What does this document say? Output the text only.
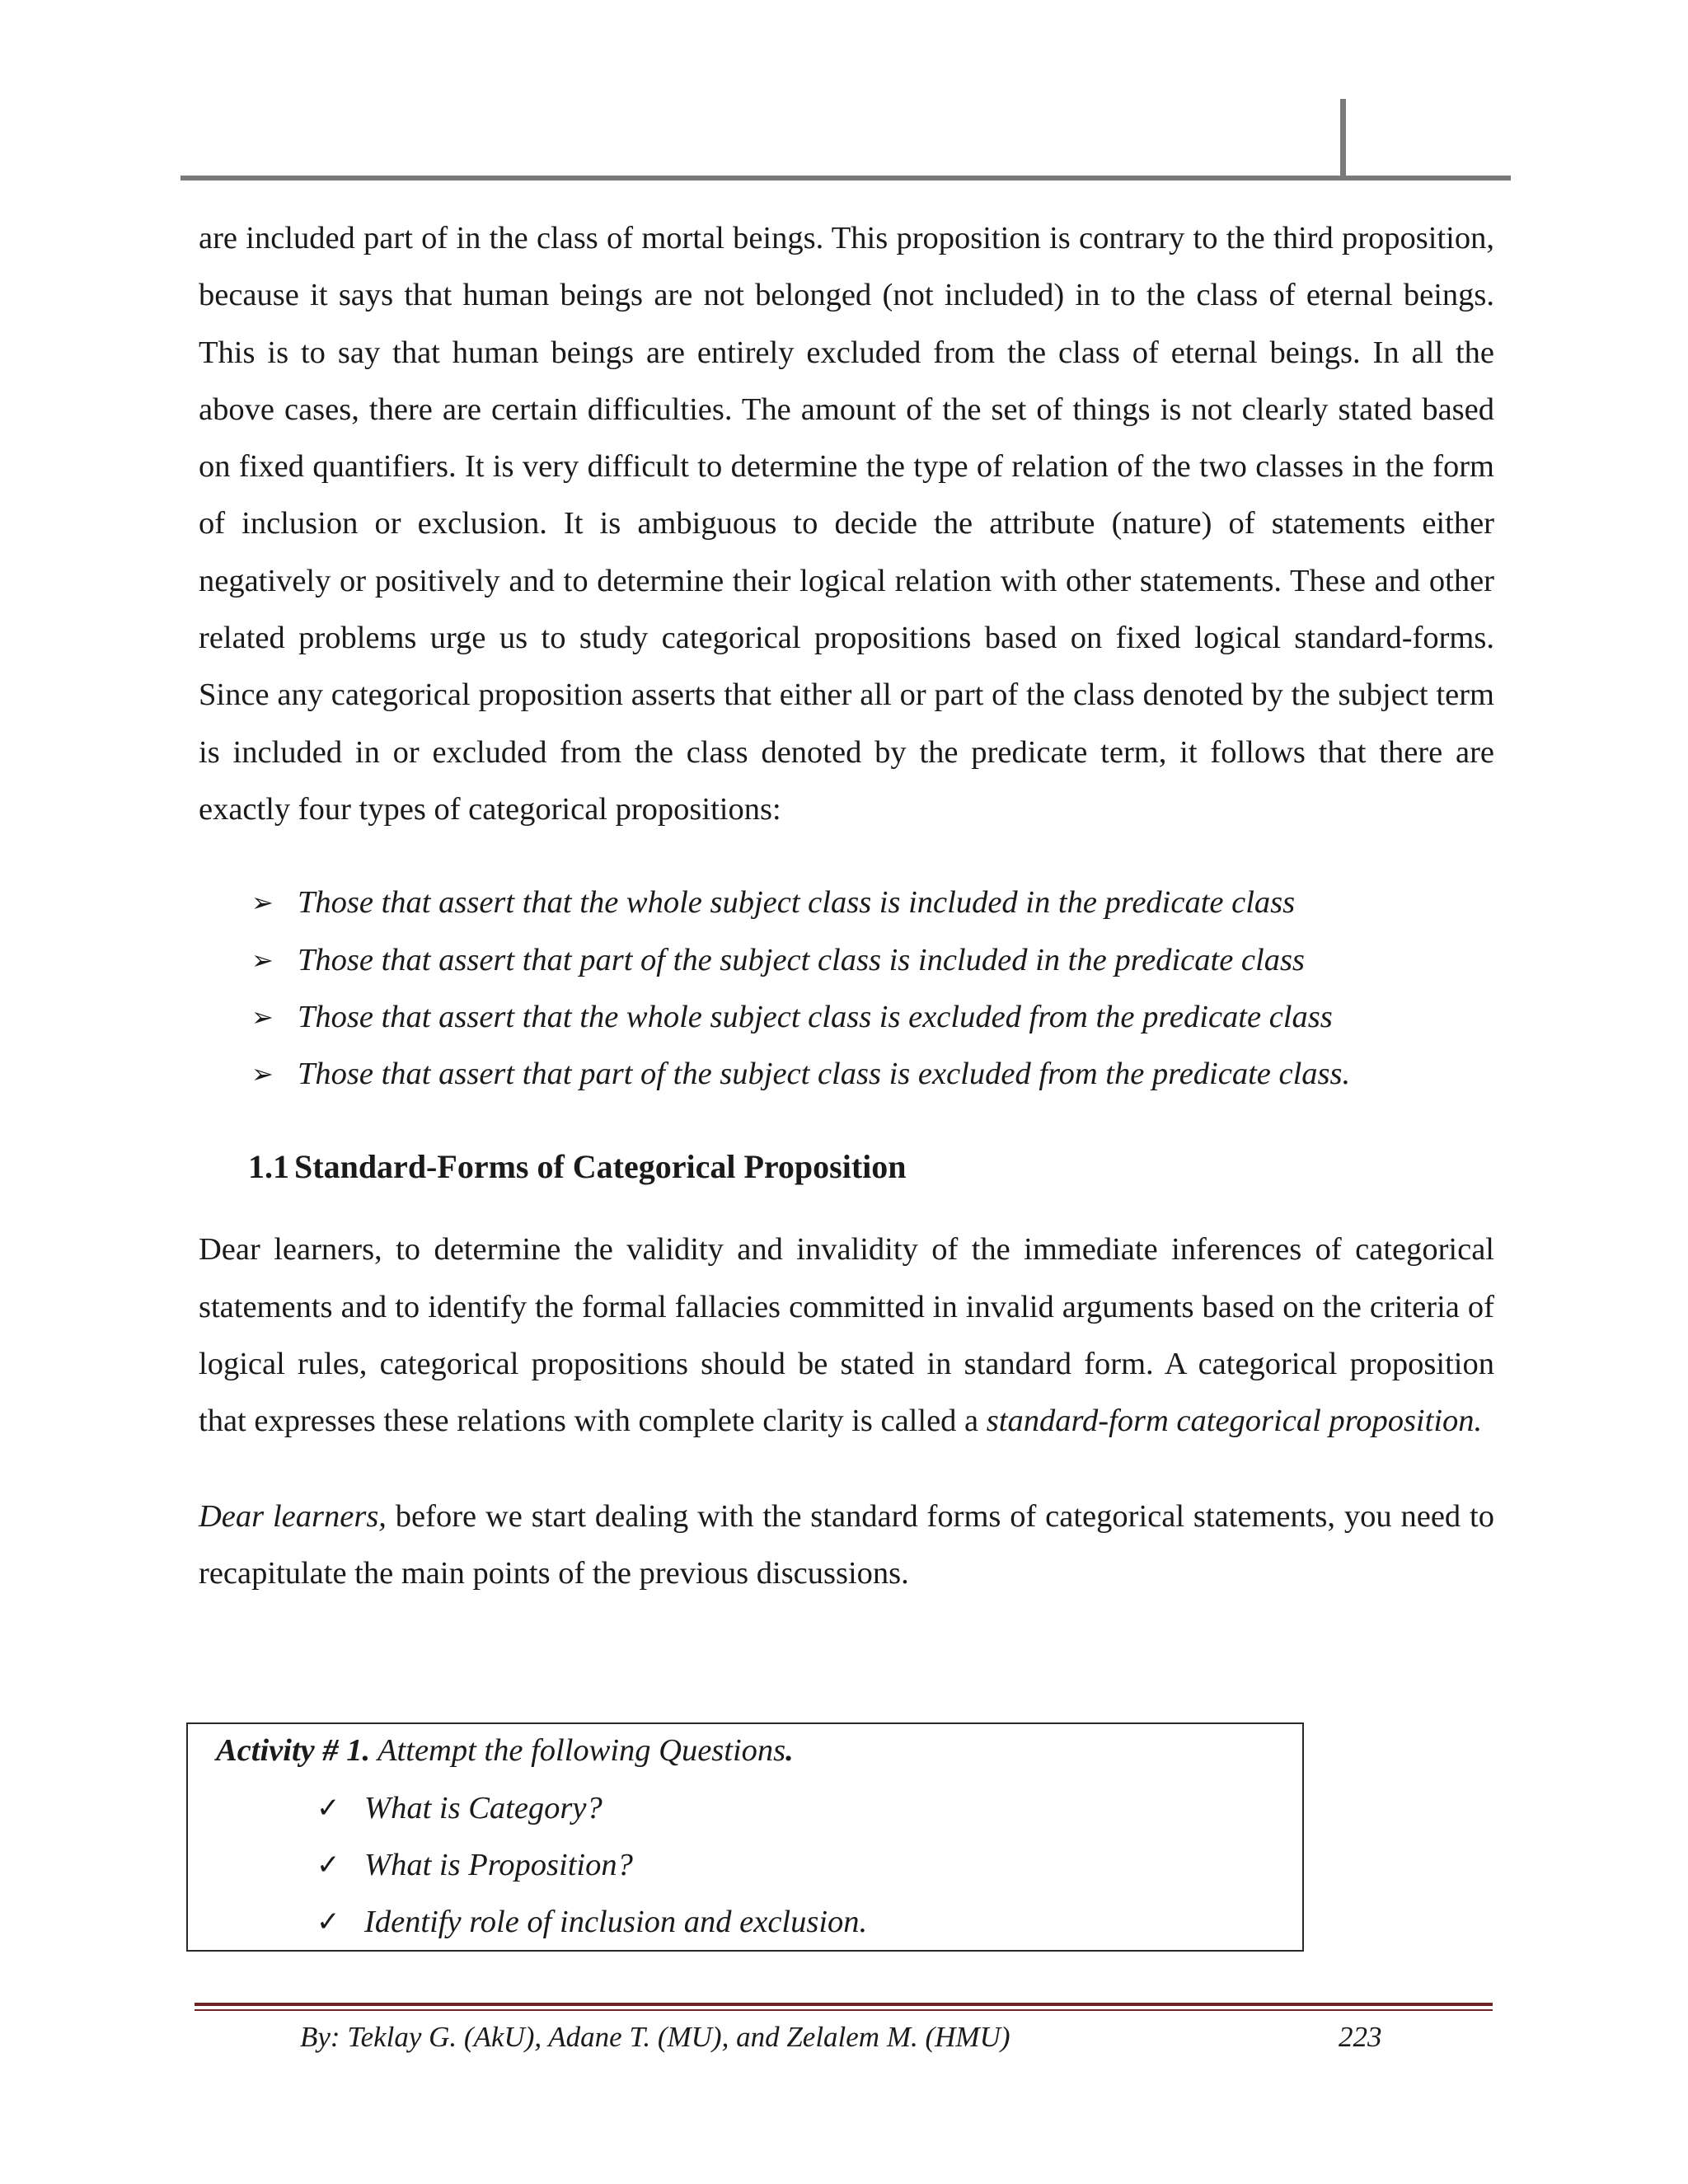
are included part of in the class of mortal beings. This proposition is contrary to the third proposition, because it says that human beings are not belonged (not included) in to the class of eternal beings. This is to say that human beings are entirely excluded from the class of eternal beings. In all the above cases, there are certain difficulties. The amount of the set of things is not clearly stated based on fixed quantifiers. It is very difficult to determine the type of relation of the two classes in the form of inclusion or exclusion. It is ambiguous to decide the attribute (nature) of statements either negatively or positively and to determine their logical relation with other statements. These and other related problems urge us to study categorical propositions based on fixed logical standard-forms. Since any categorical proposition asserts that either all or part of the class denoted by the subject term is included in or excluded from the class denoted by the predicate term, it follows that there are exactly four types of categorical propositions:

➢ Those that assert that the whole subject class is included in the predicate class
➢ Those that assert that part of the subject class is included in the predicate class
➢ Those that assert that the whole subject class is excluded from the predicate class
➢ Those that assert that part of the subject class is excluded from the predicate class.
1.1 Standard-Forms of Categorical Proposition

Dear learners, to determine the validity and invalidity of the immediate inferences of categorical statements and to identify the formal fallacies committed in invalid arguments based on the criteria of logical rules, categorical propositions should be stated in standard form. A categorical proposition that expresses these relations with complete clarity is called a standard-form categorical proposition.

Dear learners, before we start dealing with the standard forms of categorical statements, you need to recapitulate the main points of the previous discussions.

Activity # 1. Attempt the following Questions.
✓ What is Category?
✓ What is Proposition?
✓ Identify role of inclusion and exclusion.
By: Teklay G. (AkU), Adane T. (MU), and Zelalem M. (HMU)	223
